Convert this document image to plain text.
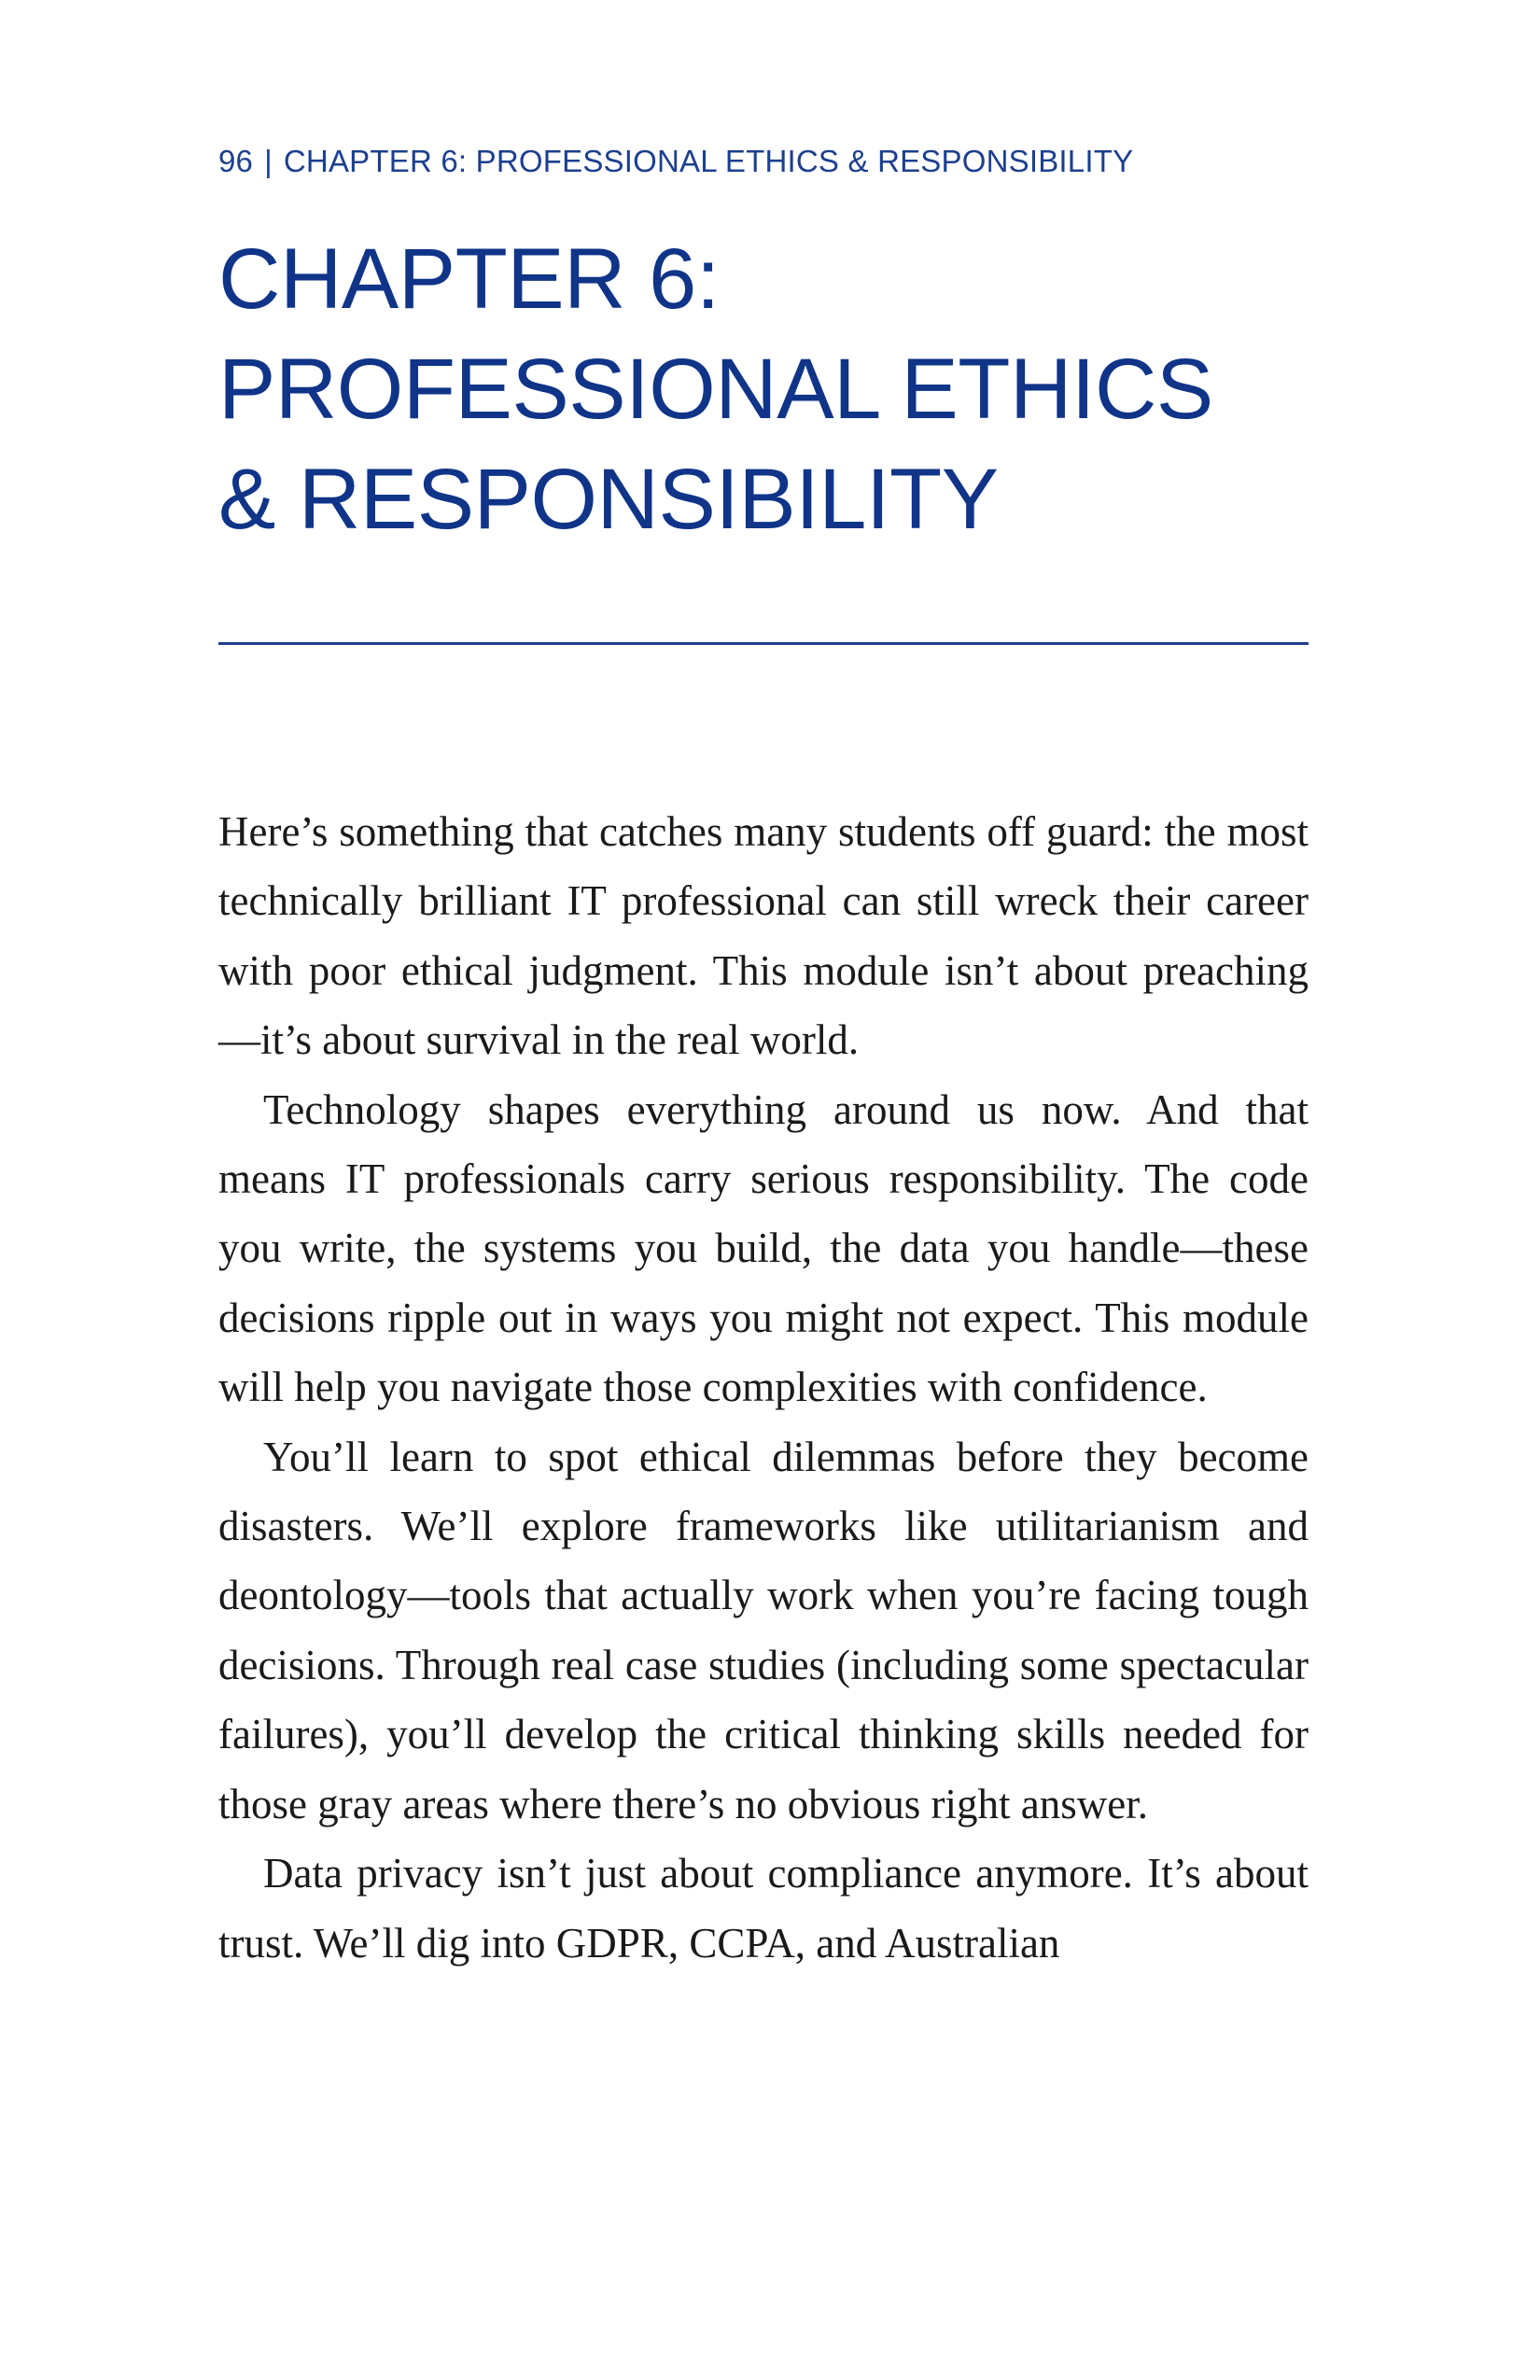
96 | CHAPTER 6: PROFESSIONAL ETHICS & RESPONSIBILITY
CHAPTER 6:
PROFESSIONAL ETHICS
& RESPONSIBILITY

Here’s something that catches many students off guard: the most technically brilliant IT professional can still wreck their career with poor ethical judgment. This module isn’t about preaching—it’s about survival in the real world.

Technology shapes everything around us now. And that means IT professionals carry serious responsibility. The code you write, the systems you build, the data you handle—these decisions ripple out in ways you might not expect. This module will help you navigate those complexities with confidence.

You’ll learn to spot ethical dilemmas before they become disasters. We’ll explore frameworks like utilitarianism and deontology—tools that actually work when you’re facing tough decisions. Through real case studies (including some spectacular failures), you’ll develop the critical thinking skills needed for those gray areas where there’s no obvious right answer.

Data privacy isn’t just about compliance anymore. It’s about trust. We’ll dig into GDPR, CCPA, and Australian
